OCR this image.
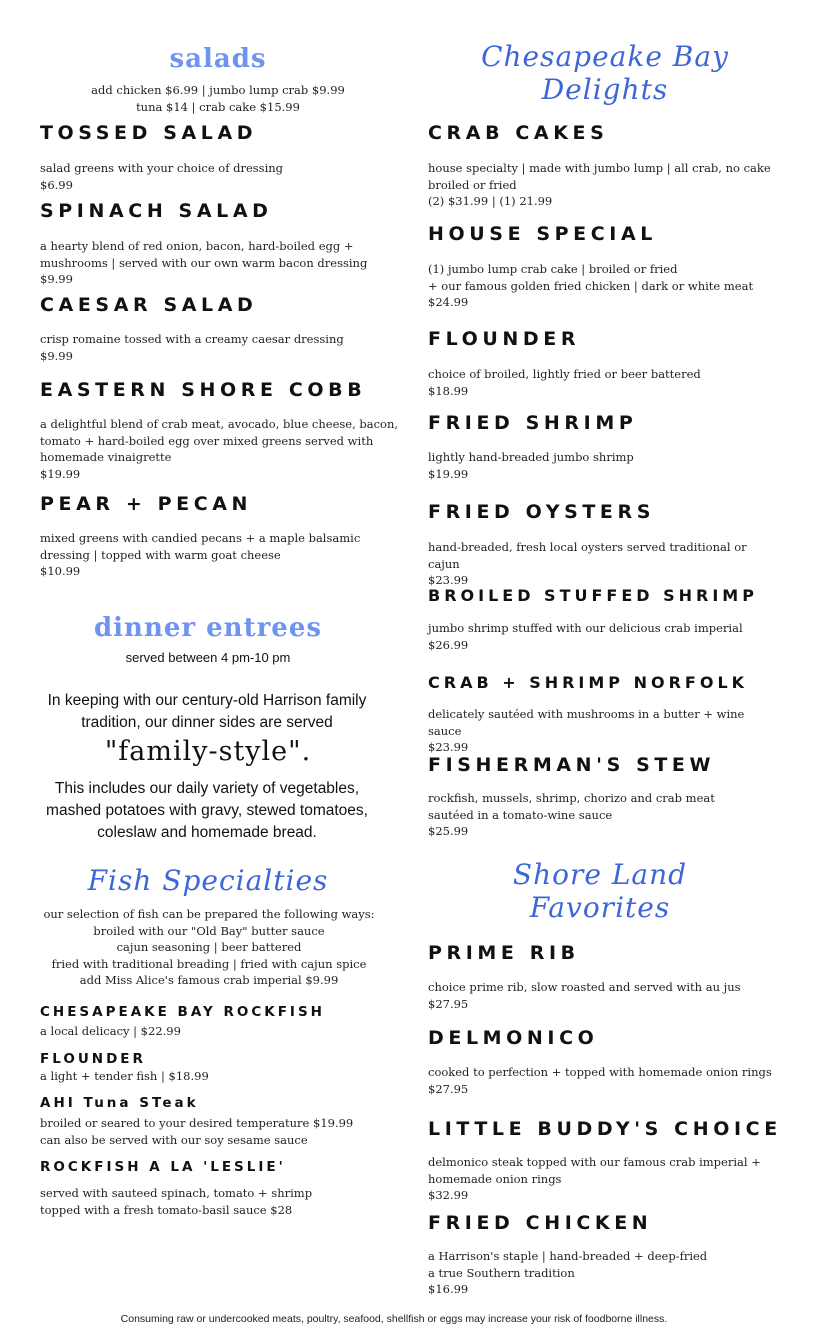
salads
add chicken $6.99 | jumbo lump crab $9.99
tuna $14 | crab cake $15.99
TOSSED SALAD
salad greens with your choice of dressing
$6.99
SPINACH SALAD
a hearty blend of red onion, bacon, hard-boiled egg +
mushrooms | served with our own warm bacon dressing
$9.99
CAESAR SALAD
crisp romaine tossed with a creamy caesar dressing
$9.99
EASTERN SHORE COBB
a delightful blend of crab meat, avocado, blue cheese, bacon,
tomato + hard-boiled egg over mixed greens served with
homemade vinaigrette
$19.99
PEAR + PECAN
mixed greens with candied pecans + a maple balsamic
dressing | topped with warm goat cheese
$10.99
dinner entrees
served between 4 pm-10 pm
In keeping with our century-old Harrison family tradition, our dinner sides are served
"family-style".
This includes our daily variety of vegetables, mashed potatoes with gravy, stewed tomatoes, coleslaw and homemade bread.
Fish Specialties
our selection of fish can be prepared the following ways:
broiled with our "Old Bay" butter sauce
cajun seasoning | beer battered
fried with traditional breading | fried with cajun spice
add Miss Alice's famous crab imperial $9.99
CHESAPEAKE BAY ROCKFISH
a local delicacy | $22.99
FLOUNDER
a light + tender fish | $18.99
AHI Tuna STeak
broiled or seared to your desired temperature $19.99
can also be served with our soy sesame sauce
ROCKFISH A LA 'LESLIE'
served with sauteed spinach, tomato + shrimp
topped with a fresh tomato-basil sauce $28
Chesapeake Bay
Delights
CRAB CAKES
house specialty | made with jumbo lump | all crab, no cake
broiled or fried
(2) $31.99 | (1) 21.99
HOUSE SPECIAL
(1) jumbo lump crab cake | broiled or fried
+ our famous golden fried chicken | dark or white meat
$24.99
FLOUNDER
choice of broiled, lightly fried or beer battered
$18.99
FRIED SHRIMP
lightly hand-breaded jumbo shrimp
$19.99
FRIED OYSTERS
hand-breaded, fresh local oysters served traditional or cajun
$23.99
BROILED STUFFED SHRIMP
jumbo shrimp stuffed with our delicious crab imperial
$26.99
CRAB + SHRIMP NORFOLK
delicately sautéed with mushrooms in a butter + wine sauce
$23.99
FISHERMAN'S STEW
rockfish, mussels, shrimp, chorizo and crab meat
sautéed in a tomato-wine sauce
$25.99
Shore Land
Favorites
PRIME RIB
choice prime rib, slow roasted and served with au jus
$27.95
DELMONICO
cooked to perfection + topped with homemade onion rings
$27.95
LITTLE BUDDY'S CHOICE
delmonico steak topped with our famous crab imperial +
homemade onion rings
$32.99
FRIED CHICKEN
a Harrison's staple | hand-breaded + deep-fried
a true Southern tradition
$16.99
Consuming raw or undercooked meats, poultry, seafood, shellfish or eggs may increase your risk of foodborne illness.
